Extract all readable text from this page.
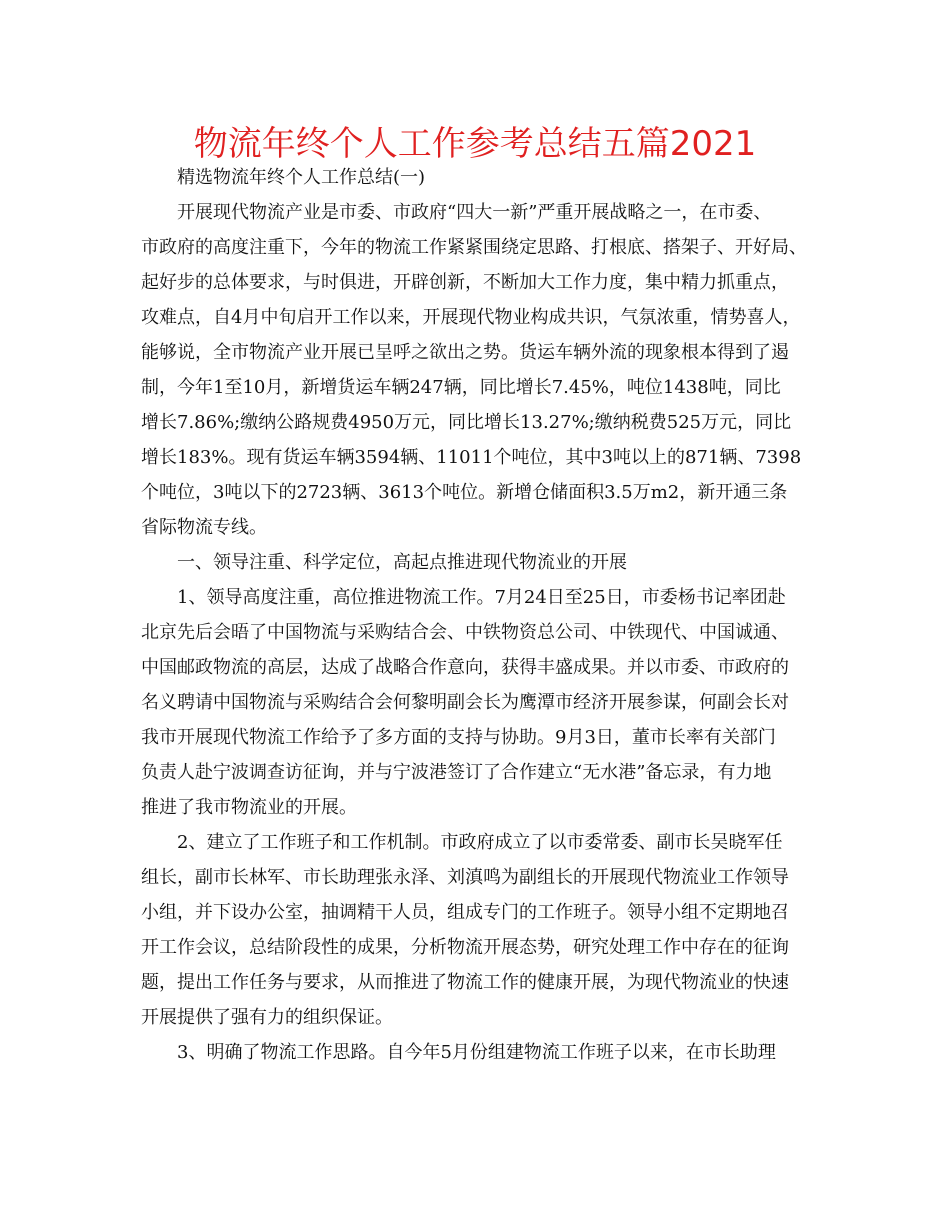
物流年终个人工作参考总结五篇2021
　　精选物流年终个人工作总结(一)
　　开展现代物流产业是市委、市政府“四大一新”严重开展战略之一，在市委、
市政府的高度注重下，今年的物流工作紧紧围绕定思路、打根底、搭架子、开好局、
起好步的总体要求，与时俱进，开辟创新，不断加大工作力度，集中精力抓重点，
攻难点，自4月中旬启开工作以来，开展现代物业构成共识，气氛浓重，情势喜人，
能够说，全市物流产业开展已呈呼之欲出之势。货运车辆外流的现象根本得到了遏
制，今年1至10月，新增货运车辆247辆，同比增长7.45%，吨位1438吨，同比
增长7.86%;缴纳公路规费4950万元，同比增长13.27%;缴纳税费525万元，同比
增长183%。现有货运车辆3594辆、11011个吨位，其中3吨以上的871辆、7398
个吨位，3吨以下的2723辆、3613个吨位。新增仓储面积3.5万m2，新开通三条
省际物流专线。
　　一、领导注重、科学定位，高起点推进现代物流业的开展
　　1、领导高度注重，高位推进物流工作。7月24日至25日，市委杨书记率团赴
北京先后会晤了中国物流与采购结合会、中铁物资总公司、中铁现代、中国诚通、
中国邮政物流的高层，达成了战略合作意向，获得丰盛成果。并以市委、市政府的
名义聘请中国物流与采购结合会何黎明副会长为鹰潭市经济开展参谋，何副会长对
我市开展现代物流工作给予了多方面的支持与协助。9月3日，董市长率有关部门
负责人赴宁波调查访征询，并与宁波港签订了合作建立“无水港”备忘录，有力地
推进了我市物流业的开展。
　　2、建立了工作班子和工作机制。市政府成立了以市委常委、副市长吴晓军任
组长，副市长林军、市长助理张永泽、刘滇鸣为副组长的开展现代物流业工作领导
小组，并下设办公室，抽调精干人员，组成专门的工作班子。领导小组不定期地召
开工作会议，总结阶段性的成果，分析物流开展态势，研究处理工作中存在的征询
题，提出工作任务与要求，从而推进了物流工作的健康开展，为现代物流业的快速
开展提供了强有力的组织保证。
　　3、明确了物流工作思路。自今年5月份组建物流工作班子以来，在市长助理
